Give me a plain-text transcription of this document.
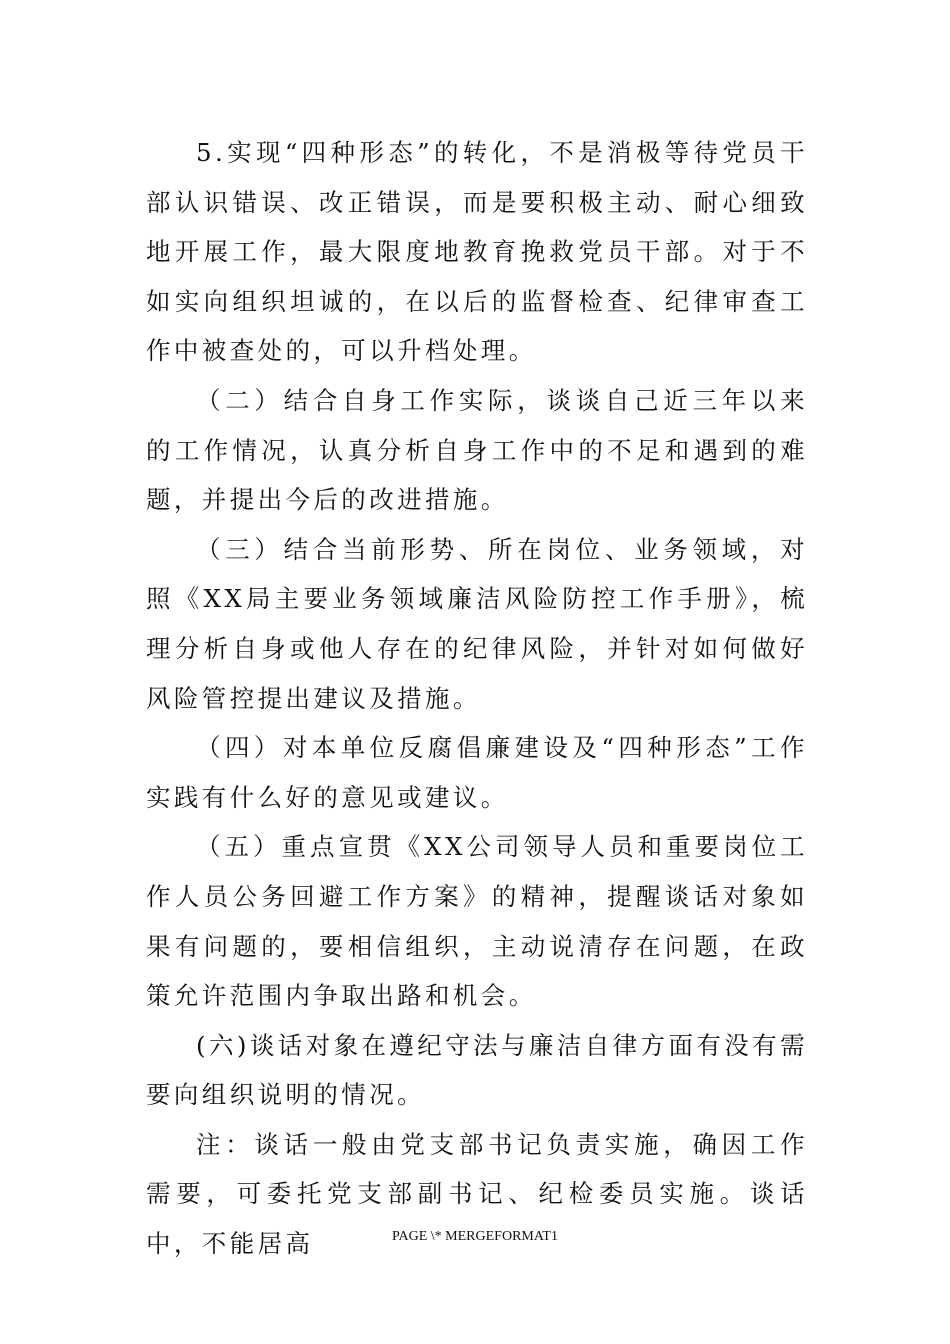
5.实现“四种形态”的转化，不是消极等待党员干部认识错误、改正错误，而是要积极主动、耐心细致地开展工作，最大限度地教育挽救党员干部。对于不如实向组织坦诚的，在以后的监督检查、纪律审查工作中被查处的，可以升档处理。

（二）结合自身工作实际，谈谈自己近三年以来的工作情况，认真分析自身工作中的不足和遇到的难题，并提出今后的改进措施。

（三）结合当前形势、所在岗位、业务领域，对照《XX局主要业务领域廉洁风险防控工作手册》，梳理分析自身或他人存在的纪律风险，并针对如何做好风险管控提出建议及措施。

（四）对本单位反腐倡廉建设及“四种形态”工作实践有什么好的意见或建议。

（五）重点宣贯《XX公司领导人员和重要岗位工作人员公务回避工作方案》的精神，提醒谈话对象如果有问题的，要相信组织，主动说清存在问题，在政策允许范围内争取出路和机会。

(六)谈话对象在遵纪守法与廉洁自律方面有没有需要向组织说明的情况。

注：谈话一般由党支部书记负责实施，确因工作需要，可委托党支部副书记、纪检委员实施。谈话中，不能居高	PAGE \* MERGEFORMAT1
